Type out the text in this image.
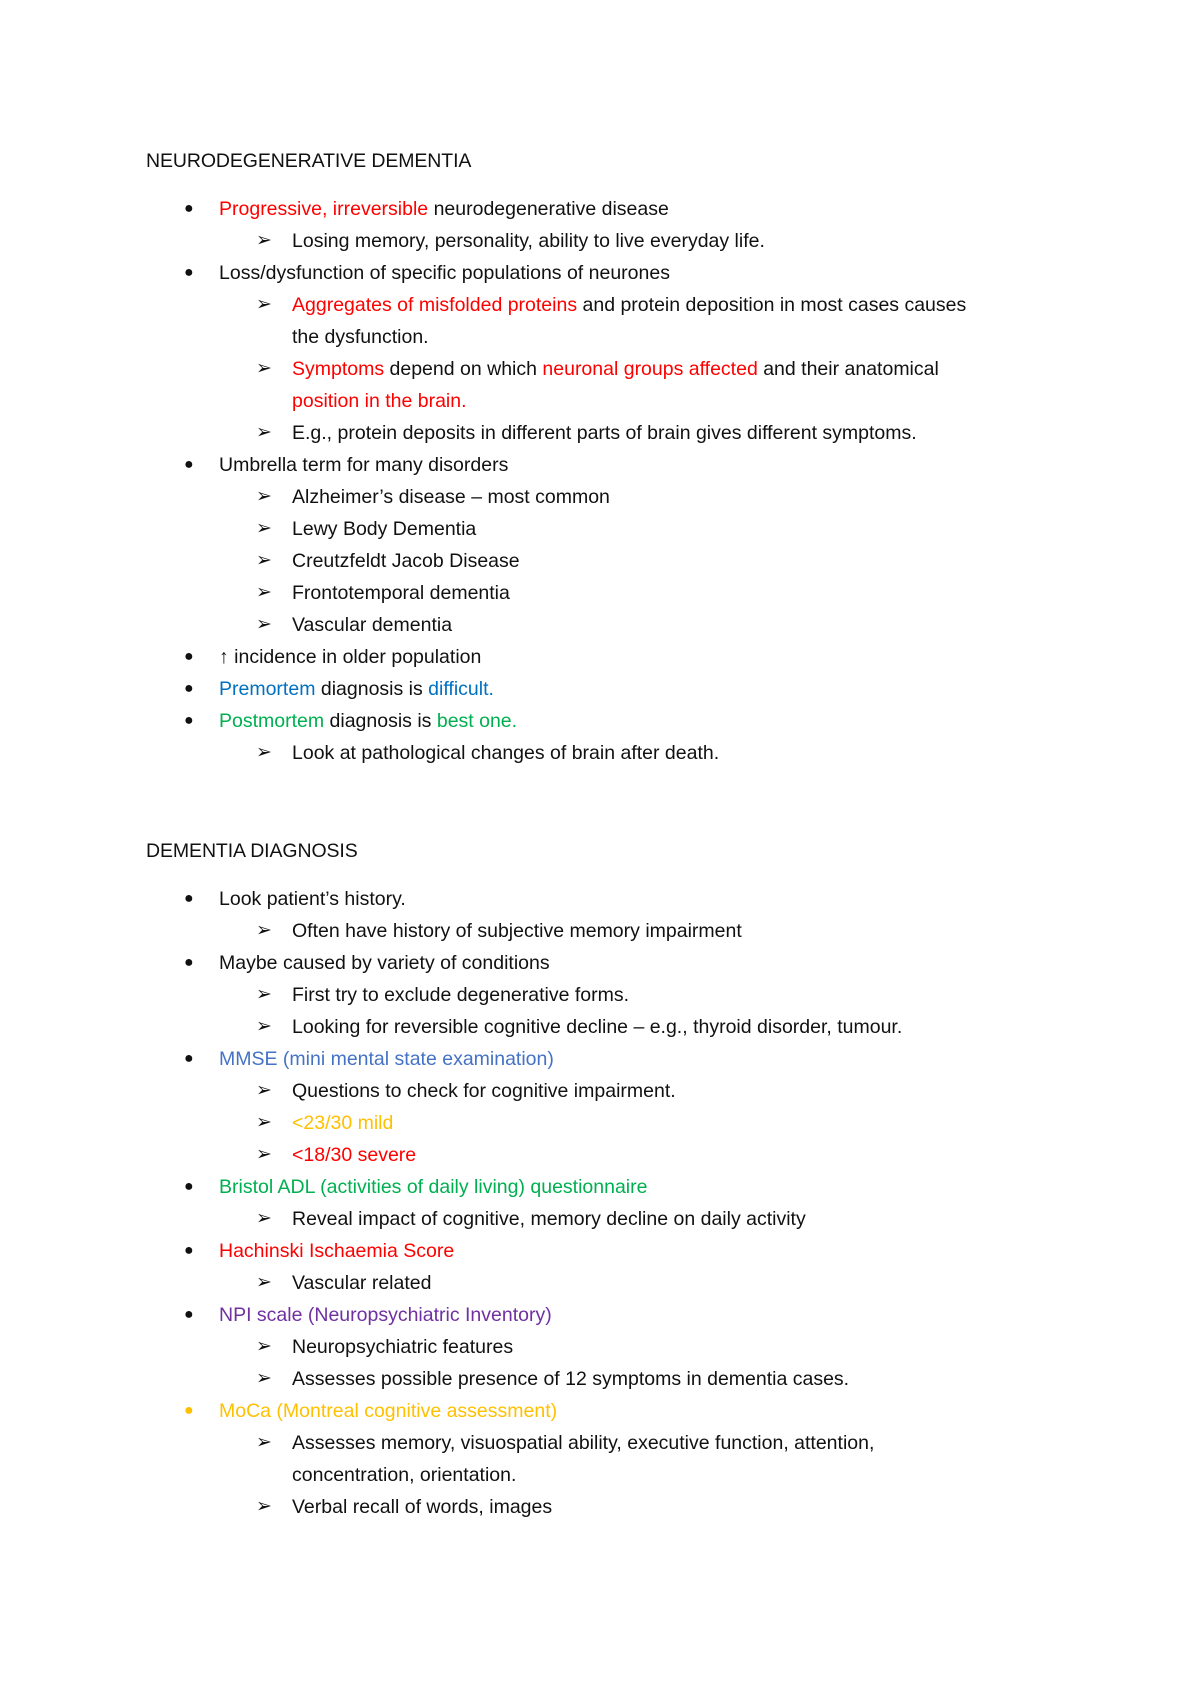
NEURODEGENERATIVE DEMENTIA
● Progressive, irreversible neurodegenerative disease
➢ Losing memory, personality, ability to live everyday life.
● Loss/dysfunction of specific populations of neurones
➢ Aggregates of misfolded proteins and protein deposition in most cases causes
the dysfunction.
➢ Symptoms depend on which neuronal groups affected and their anatomical
position in the brain.
➢ E.g., protein deposits in different parts of brain gives different symptoms.
● Umbrella term for many disorders
➢ Alzheimer’s disease – most common
➢ Lewy Body Dementia
➢ Creutzfeldt Jacob Disease
➢ Frontotemporal dementia
➢ Vascular dementia
● ↑ incidence in older population
● Premortem diagnosis is difficult.
● Postmortem diagnosis is best one.
➢ Look at pathological changes of brain after death.
DEMENTIA DIAGNOSIS
● Look patient’s history.
➢ Often have history of subjective memory impairment
● Maybe caused by variety of conditions
➢ First try to exclude degenerative forms.
➢ Looking for reversible cognitive decline – e.g., thyroid disorder, tumour.
● MMSE (mini mental state examination)
➢ Questions to check for cognitive impairment.
➢ <23/30 mild
➢ <18/30 severe
● Bristol ADL (activities of daily living) questionnaire
➢ Reveal impact of cognitive, memory decline on daily activity
● Hachinski Ischaemia Score
➢ Vascular related
● NPI scale (Neuropsychiatric Inventory)
➢ Neuropsychiatric features
➢ Assesses possible presence of 12 symptoms in dementia cases.
● MoCa (Montreal cognitive assessment)
➢ Assesses memory, visuospatial ability, executive function, attention,
concentration, orientation.
➢ Verbal recall of words, images
